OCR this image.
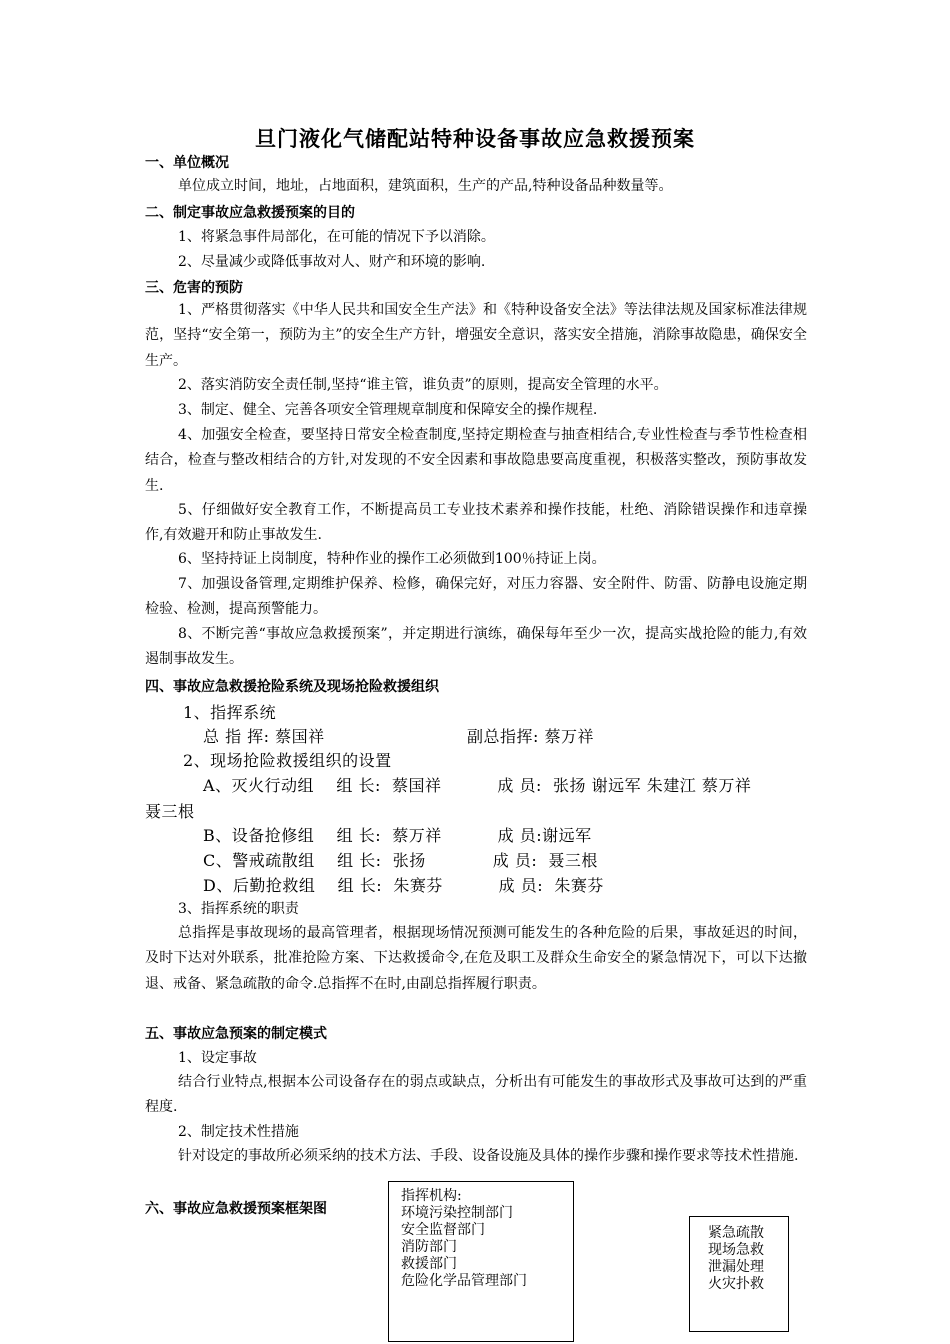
旦门液化气储配站特种设备事故应急救援预案
一、单位概况
单位成立时间，地址，占地面积，建筑面积，生产的产品,特种设备品种数量等。
二、制定事故应急救援预案的目的
1、将紧急事件局部化，在可能的情况下予以消除。
2、尽量减少或降低事故对人、财产和环境的影响.
三、危害的预防
1、严格贯彻落实《中华人民共和国安全生产法》和《特种设备安全法》等法律法规及国家标准法律规范，坚持“安全第一，预防为主”的安全生产方针，增强安全意识，落实安全措施，消除事故隐患，确保安全生产。
2、落实消防安全责任制,坚持“谁主管，谁负责”的原则，提高安全管理的水平。
3、制定、健全、完善各项安全管理规章制度和保障安全的操作规程.
4、加强安全检查，要坚持日常安全检查制度,坚持定期检查与抽查相结合,专业性检查与季节性检查相结合，检查与整改相结合的方针,对发现的不安全因素和事故隐患要高度重视，积极落实整改，预防事故发生.
5、仔细做好安全教育工作，不断提高员工专业技术素养和操作技能，杜绝、消除错误操作和违章操作,有效避开和防止事故发生.
6、坚持持证上岗制度，特种作业的操作工必须做到100％持证上岗。
7、加强设备管理,定期维护保养、检修，确保完好，对压力容器、安全附件、防雷、防静电设施定期检验、检测，提高预警能力。
8、不断完善“事故应急救援预案”，并定期进行演练，确保每年至少一次，提高实战抢险的能力,有效遏制事故发生。
四、事故应急救援抢险系统及现场抢险救援组织
1、指挥系统
总 指 挥: 蔡国祥	副总指挥: 蔡万祥
2、现场抢险救援组织的设置
A、灭火行动组    组 长:  蔡国祥          成 员:  张扬 谢远军 朱建江 蔡万祥
聂三根
B、设备抢修组    组 长:  蔡万祥          成 员:谢远军
C、警戒疏散组    组 长:  张扬            成 员:  聂三根
D、后勤抢救组    组 长:  朱赛芬          成 员:  朱赛芬
3、指挥系统的职责
总指挥是事故现场的最高管理者，根据现场情况预测可能发生的各种危险的后果，事故延迟的时间，及时下达对外联系，批准抢险方案、下达救援命令,在危及职工及群众生命安全的紧急情况下，可以下达撤退、戒备、紧急疏散的命令.总指挥不在时,由副总指挥履行职责。
五、事故应急预案的制定模式
1、设定事故
结合行业特点,根据本公司设备存在的弱点或缺点，分析出有可能发生的事故形式及事故可达到的严重程度.
2、制定技术性措施
针对设定的事故所必须采纳的技术方法、手段、设备设施及具体的操作步骤和操作要求等技术性措施.
六、事故应急救援预案框架图
指挥机构:
环境污染控制部门
安全监督部门
消防部门
救援部门
危险化学品管理部门
紧急疏散
现场急救
泄漏处理
火灾扑救
